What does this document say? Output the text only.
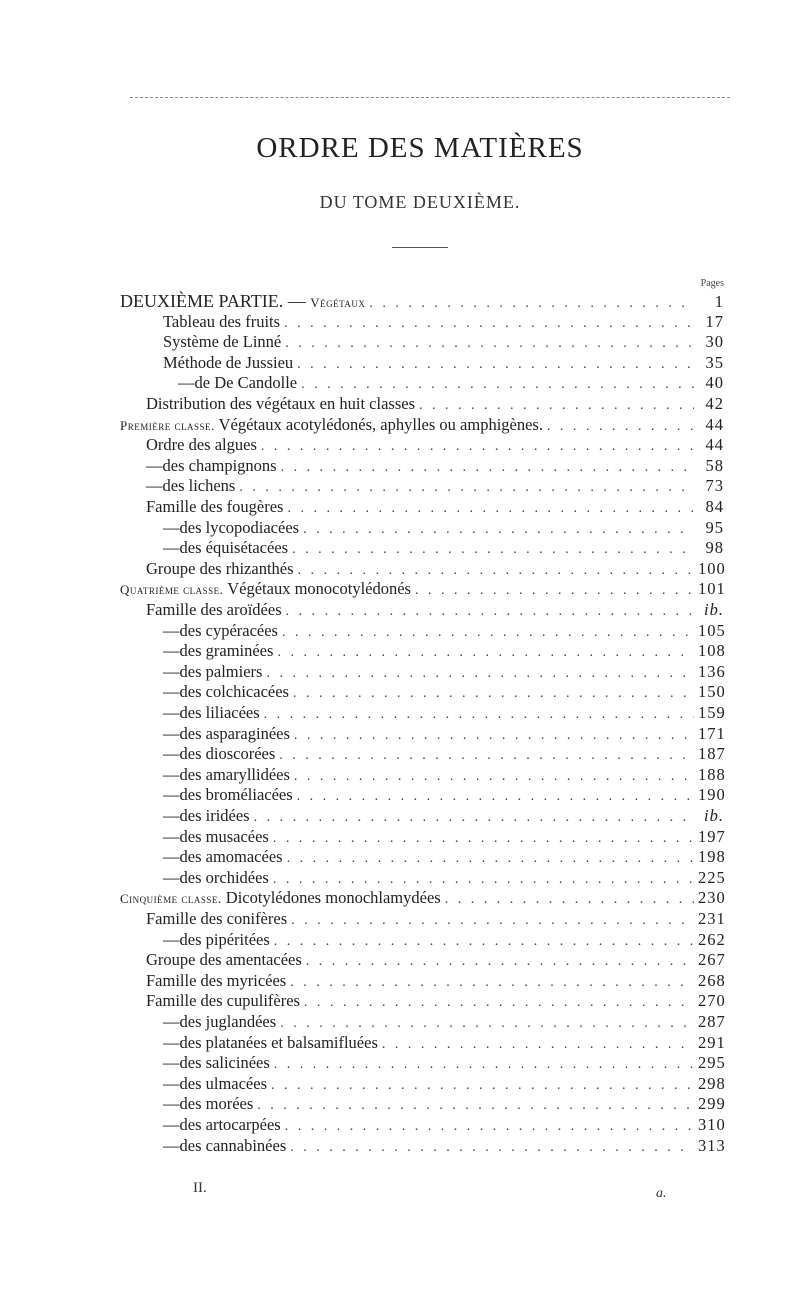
ORDRE DES MATIÈRES
DU TOME DEUXIÈME.
Pages
DEUXIÈME PARTIE. — Végétaux . . .	1
Tableau des fruits . . .	17
Système de Linné . . .	30
Méthode de Jussieu . . .	35
— de De Candolle . . .	40
Distribution des végétaux en huit classes . . .	42
Première classe. Végétaux acotylédonés, aphylles ou amphigènes. . . .	44
Ordre des algues . . .	44
— des champignons . . .	58
— des lichens . . .	73
Famille des fougères . . .	84
— des lycopodiacées . . .	95
— des équisétacées . . .	98
Groupe des rhizanthés . . .	100
Quatrième classe. Végétaux monocotylédonés . . .	101
Famille des aroïdées . . .	ib.
— des cypéracées . . .	105
— des graminées . . .	108
— des palmiers . . .	136
— des colchicacées . . .	150
— des liliacées . . .	159
— des asparaginées . . .	171
— des dioscorées . . .	187
— des amaryllidées . . .	188
— des broméliacées . . .	190
— des iridées . . .	ib.
— des musacées . . .	197
— des amomacées . . .	198
— des orchidées . . .	225
Cinquième classe. Dicotylédones monochlamydées . . .	230
Famille des conifères . . .	231
— des pipéritées . . .	262
Groupe des amentacées . . .	267
Famille des myricées . . .	268
Famille des cupulifères . . .	270
— des juglandées . . .	287
— des platanées et balsamifluées . . .	291
— des salicinées . . .	295
— des ulmacées . . .	298
— des morées . . .	299
— des artocarpées . . .	310
— des cannabinées . . .	313
II.	a.
